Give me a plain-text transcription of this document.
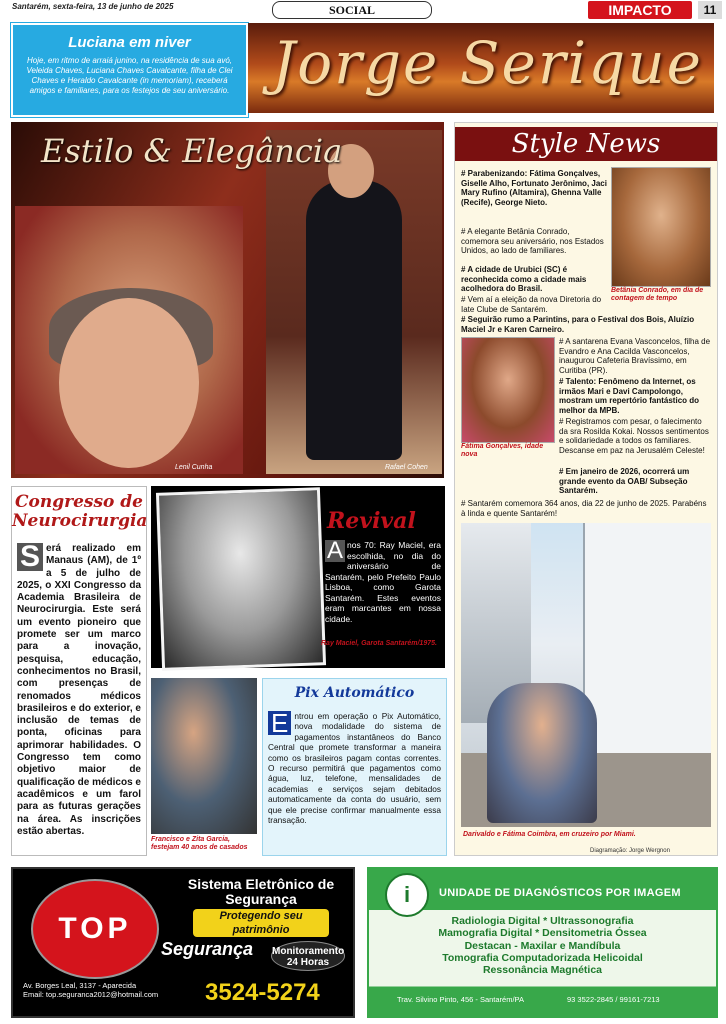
Santarém, sexta-feira, 13 de junho de 2025	SOCIAL	IMPACTO	11
Luciana em niver
Hoje, em ritmo de arraiá junino, na residência de sua avó, Veleida Chaves, Luciana Chaves Cavalcante, filha de Clei Chaves e Heraldo Cavalcante (in memoriam), receberá amigos e familiares, para os festejos de seu aniversário. Jorge Serique
Estilo & Elegância
Lenil Cunha	Rafael Cohen
Style News
Betânia Conrado, em dia de contagem de tempo
# Parabenizando: Fátima Gonçalves, Giselle Alho, Fortunato Jerônimo, Jaci Mary Rufino (Altamira), Ghenna Valle (Recife), George Nieto.
# A elegante Betânia Conrado, comemora seu aniversário, nos Estados Unidos, ao lado de familiares.
# A cidade de Urubici (SC) é reconhecida como a cidade mais acolhedora do Brasil.
# Vem aí a eleição da nova Diretoria do Iate Clube de Santarém.
# Seguirão rumo a Parintins, para o Festival dos Bois, Aluízio Maciel Jr e Karen Carneiro.
Fátima Gonçalves, idade nova
# A santarena Evana Vasconcelos, filha de Evandro e Ana Cacilda Vasconcelos, inaugurou Cafeteria Bravíssimo, em Curitiba (PR).
# Talento: Fenômeno da Internet, os irmãos Mari e Davi Campolongo, mostram um repertório fantástico do melhor da MPB.
# Registramos com pesar, o falecimento da sra Rosilda Kokai. Nossos sentimentos e solidariedade a todos os familiares. Descanse em paz na Jerusalém Celeste!
# Em janeiro de 2026, ocorrerá um grande evento da OAB/ Subseção Santarém.
# Santarém comemora 364 anos, dia 22 de junho de 2025. Parabéns à linda e quente Santarém!
Darivaldo e Fátima Coimbra, em cruzeiro por Miami.
Congresso de Neurocirurgia
S erá realizado em Manaus (AM), de 1º a 5 de julho de 2025, o XXI Congresso da Academia Brasileira de Neurocirurgia. Este será um evento pioneiro que promete ser um marco para a inovação, pesquisa, educação, conhecimentos no Brasil, com presenças de renomados médicos brasileiros e do exterior, e inclusão de temas de ponta, oficinas para aprimorar habilidades. O Congresso tem como objetivo maior de qualificação de médicos e acadêmicos e um farol para as futuras gerações na área. As inscrições estão abertas.
Revival
A nos 70: Ray Maciel, era escolhida, no dia do aniversário de Santarém, pelo Prefeito Paulo Lisboa, como Garota Santarém. Estes eventos eram marcantes em nossa cidade.
Ray Maciel, Garota Santarém/1975.
Francisco e Zita Garcia, festejam 40 anos de casados
Pix Automático
E ntrou em operação o Pix Automático, nova modalidade do sistema de pagamentos instantâneos do Banco Central que promete transformar a maneira como os brasileiros pagam contas correntes. O recurso permitirá que pagamentos como água, luz, telefone, mensalidades de academias e serviços sejam debitados automaticamente da conta do usuário, sem que ele precise confirmar manualmente essa transação.
Diagramação: Jorge Wergnon
TOP
Sistema Eletrônico de Segurança
Protegendo seu patrimônio
Segurança Monitoramento 24 Horas
Av. Borges Leal, 3137 - Aparecida
Email: top.seguranca2012@hotmail.com 3524-5274
i	UNIDADE DE DIAGNÓSTICOS POR IMAGEM
Radiologia Digital * Ultrassonografia
Mamografia Digital * Densitometria Óssea
Destacan - Maxilar e Mandíbula
Tomografia Computadorizada Helicoidal
Ressonância Magnética
Trav. Silvino Pinto, 456 - Santarém/PA	93 3522-2845 / 99161-7213
